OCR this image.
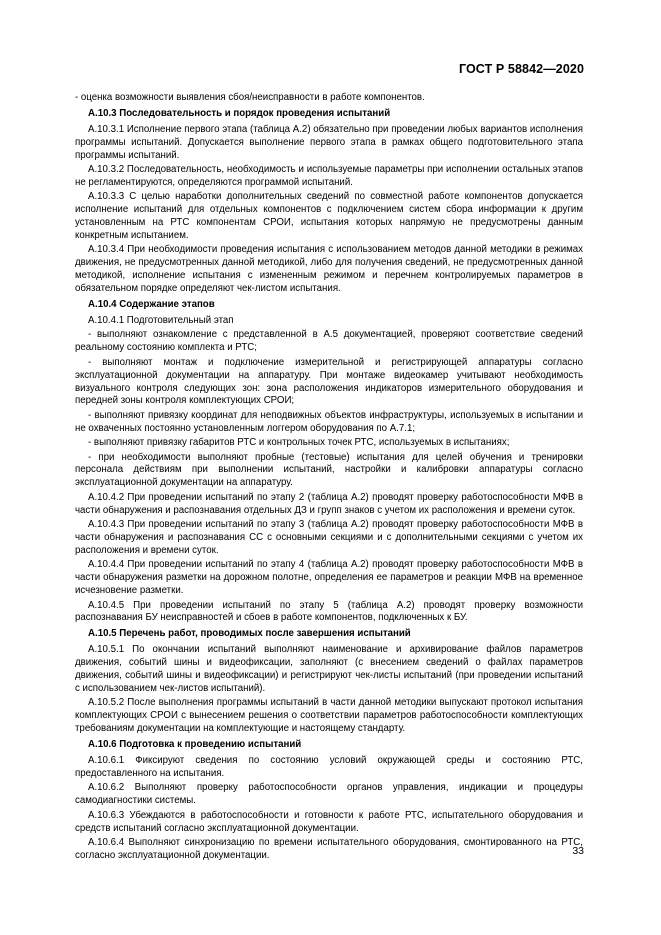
ГОСТ Р 58842—2020

- оценка возможности выявления сбоя/неисправности в работе компонентов.

А.10.3 Последовательность и порядок проведения испытаний

А.10.3.1 Исполнение первого этапа (таблица А.2) обязательно при проведении любых вариантов исполнения программы испытаний. Допускается выполнение первого этапа в рамках общего подготовительного этапа программы испытаний.

А.10.3.2 Последовательность, необходимость и используемые параметры при исполнении остальных этапов не регламентируются, определяются программой испытаний.

А.10.3.3 С целью наработки дополнительных сведений по совместной работе компонентов допускается исполнение испытаний для отдельных компонентов с подключением систем сбора информации к другим установленным на РТС компонентам СРОИ, испытания которых напрямую не предусмотрены данным конкретным испытанием.

А.10.3.4 При необходимости проведения испытания с использованием методов данной методики в режимах движения, не предусмотренных данной методикой, либо для получения сведений, не предусмотренных данной методикой, исполнение испытания с измененным режимом и перечнем контролируемых параметров в обязательном порядке определяют чек-листом испытания.

А.10.4 Содержание этапов

А.10.4.1 Подготовительный этап

- выполняют ознакомление с представленной в А.5 документацией, проверяют соответствие сведений реальному состоянию комплекта и РТС;

- выполняют монтаж и подключение измерительной и регистрирующей аппаратуры согласно эксплуатационной документации на аппаратуру. При монтаже видеокамер учитывают необходимость визуального контроля следующих зон: зона расположения индикаторов измерительного оборудования и передней зоны контроля комплектующих СРОИ;

- выполняют привязку координат для неподвижных объектов инфраструктуры, используемых в испытании и не охваченных постоянно установленным логгером оборудования по А.7.1;

- выполняют привязку габаритов РТС и контрольных точек РТС, используемых в испытаниях;

- при необходимости выполняют пробные (тестовые) испытания для целей обучения и тренировки персонала действиям при выполнении испытаний, настройки и калибровки аппаратуры согласно эксплуатационной документации на аппаратуру.

А.10.4.2 При проведении испытаний по этапу 2 (таблица А.2) проводят проверку работоспособности МФВ в части обнаружения и распознавания отдельных ДЗ и групп знаков с учетом их расположения и времени суток.

А.10.4.3 При проведении испытаний по этапу 3 (таблица А.2) проводят проверку работоспособности МФВ в части обнаружения и распознавания СС с основными секциями и с дополнительными секциями с учетом их расположения и времени суток.

А.10.4.4 При проведении испытаний по этапу 4 (таблица А.2) проводят проверку работоспособности МФВ в части обнаружения разметки на дорожном полотне, определения ее параметров и реакции МФВ на временное исчезновение разметки.

А.10.4.5 При проведении испытаний по этапу 5 (таблица А.2) проводят проверку возможности распознавания БУ неисправностей и сбоев в работе компонентов, подключенных к БУ.

А.10.5 Перечень работ, проводимых после завершения испытаний

А.10.5.1 По окончании испытаний выполняют наименование и архивирование файлов параметров движения, событий шины и видеофиксации, заполняют (с внесением сведений о файлах параметров движения, событий шины и видеофиксации) и регистрируют чек-листы испытаний (при проведении испытаний с использованием чек-листов испытаний).

А.10.5.2 После выполнения программы испытаний в части данной методики выпускают протокол испытания комплектующих СРОИ с вынесением решения о соответствии параметров работоспособности комплектующих требованиям документации на комплектующие и настоящему стандарту.

А.10.6 Подготовка к проведению испытаний

А.10.6.1 Фиксируют сведения по состоянию условий окружающей среды и состоянию РТС, предоставленного на испытания.

А.10.6.2 Выполняют проверку работоспособности органов управления, индикации и процедуры самодиагностики системы.

А.10.6.3 Убеждаются в работоспособности и готовности к работе РТС, испытательного оборудования и средств испытаний согласно эксплуатационной документации.

А.10.6.4 Выполняют синхронизацию по времени испытательного оборудования, смонтированного на РТС, согласно эксплуатационной документации.	33
